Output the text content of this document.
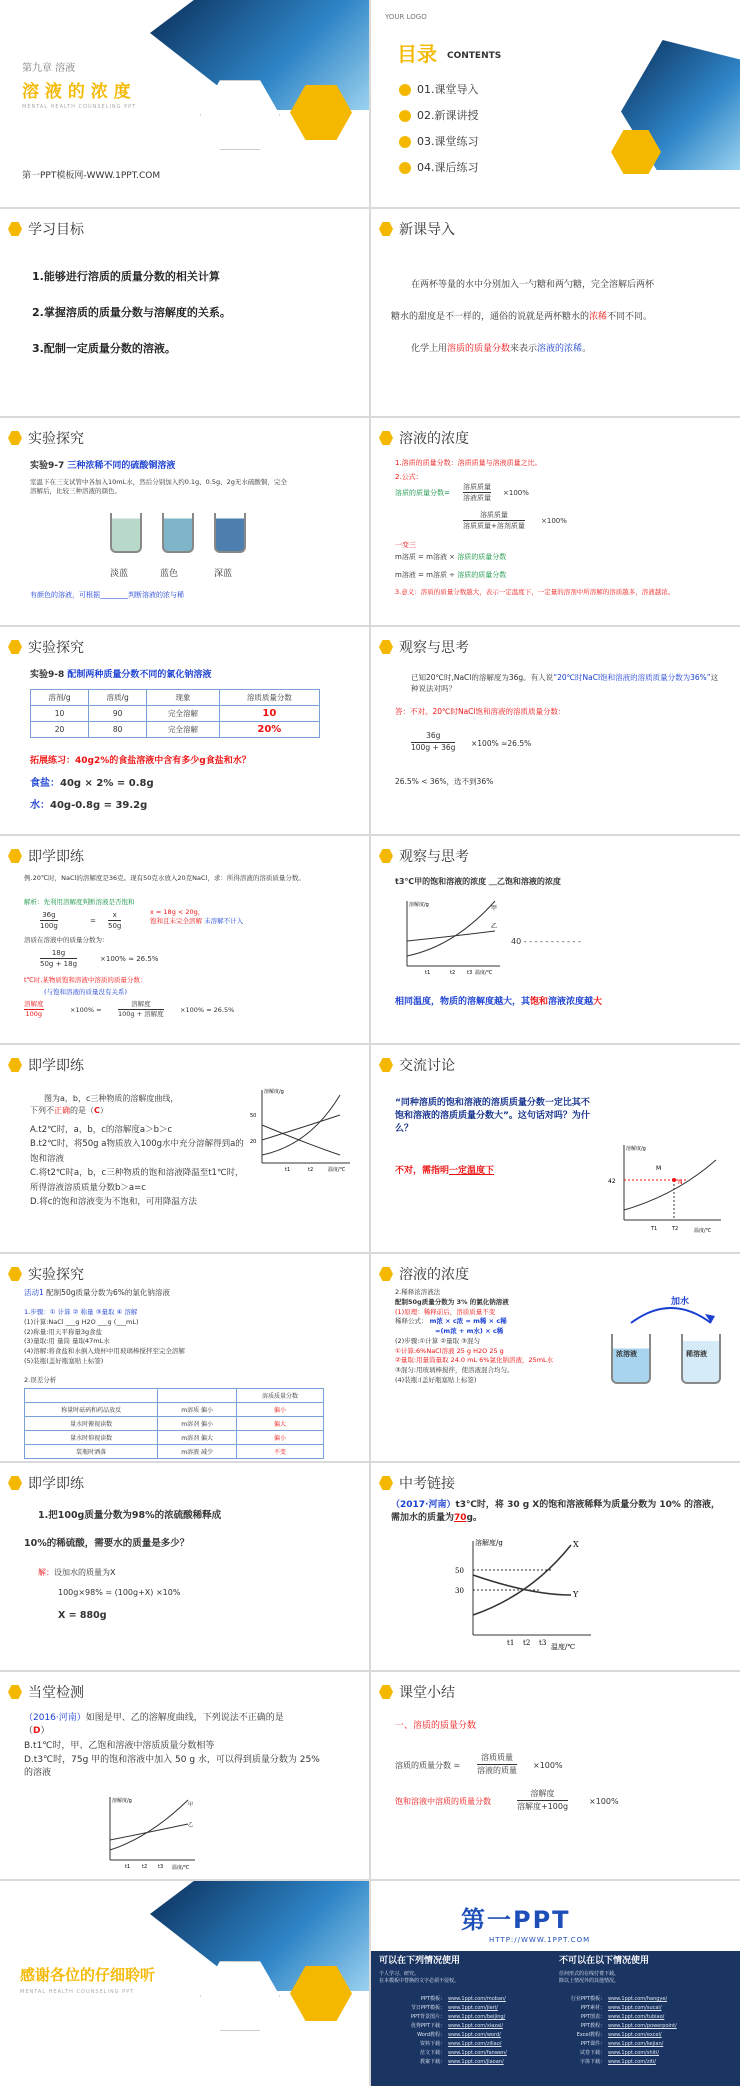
第九章 溶液
溶 液 的 浓 度
MENTAL HEALTH COUNSELING PPT
第一PPT模板网-WWW.1PPT.COM
YOUR LOGO
目录 CONTENTS
01.课堂导入
02.新课讲授
03.课堂练习
04.课后练习
学习目标
1.能够进行溶质的质量分数的相关计算
2.掌握溶质的质量分数与溶解度的关系。
3.配制一定质量分数的溶液。
新课导入
在两杯等量的水中分别加入一勺糖和两勺糖，完全溶解后两杯
糖水的甜度是不一样的，通俗的说就是两杯糖水的浓稀不同不同。
化学上用溶质的质量分数来表示溶液的浓稀。
实验探究
实验9-7 三种浓稀不同的硫酸铜溶液
室温下在三支试管中各加入10mL水，然后分别加入约0.1g、0.5g、2g无水硫酸铜，完全溶解后，比较三种溶液的颜色。
淡蓝	蓝色	深蓝
有颜色的溶液，可根据________判断溶液的浓与稀
溶液的浓度
1.溶质的质量分数：溶质质量与溶液质量之比。
2.公式：
溶质的质量分数=
溶质质量
溶液质量
×100%
溶质质量
溶质质量+溶剂质量
×100%
一变三
m溶质 = m溶液 × 溶质的质量分数
m溶液 = m溶质 ÷ 溶质的质量分数
3.意义：溶质的质量分数越大，表示一定温度下，一定量的溶剂中所溶解的溶质越多，溶液越浓。
实验探究
实验9-8 配制两种质量分数不同的氯化钠溶液
溶剂/g	溶质/g	现象	溶质质量分数
10	90	完全溶解	10
20	80	完全溶解	20%
拓展练习：40g2%的食盐溶液中含有多少g食盐和水？
食盐：40g × 2% = 0.8g
水：40g-0.8g = 39.2g
观察与思考
已知20℃时,NaCl的溶解度为36g。有人说“20℃时NaCl饱和溶液的溶质质量分数为36%”这种说法对吗？
答：不对。20℃时NaCl饱和溶液的溶质质量分数：
36g
100g + 36g ×100% ≈26.5%
26.5% < 36%，选不到36%
即学即练
例.20℃时，NaCl的溶解度是36克。现有50克水放入20克NaCl，求：所得溶液的溶质质量分数。
解析：先利用溶解度判断溶液是否饱和
36g
100g
=
x
50g
x = 18g < 20g，
饱和且未完全溶解 未溶解不计入
溶质在溶液中的质量分数为：
18g
50g + 18g
×100% ≈ 26.5%
t℃时,某物质饱和溶液中溶质的质量分数：
(与饱和溶液的质量没有关系)
溶解度
100g
×100% =
溶解度
100g + 溶解度
×100% ≈ 26.5%
观察与思考
t3℃甲的饱和溶液的浓度 ＿乙饱和溶液的浓度
溶解度/g
温度/℃
甲
乙
t1	t2 t3
40 - - - - - - - - - - -
相同温度，物质的溶解度越大，其饱和溶液浓度越大
即学即练
图为a，b，c三种物质的溶解度曲线，
下列不正确的是（C）
A.t2℃时，a，b，c的溶解度a＞b＞c
B.t2℃时，将50g a物质放入100g水中充分溶解得到a的饱和溶液
C.将t2℃时a，b，c三种物质的饱和溶液降温至t1℃时，所得溶液溶质质量分数b＞a=c
D.将c的饱和溶液变为不饱和，可用降温方法
50
20
溶解度/g
温度/℃
t1	t2
交流讨论
“同种溶质的饱和溶液的溶质质量分数一定比其不饱和溶液的溶质质量分数大”。这句话对吗？为什么？
不对，需指明一定温度下
42
M
N
溶解度/g
温度/℃
T1	T2
实验探究
活动1 配制50g质量分数为6%的氯化钠溶液
1.步骤：① 计算 ② 称量 ③量取 ④ 溶解
(1)计算:NaCl ___g H2O ___g (___mL)
(2)称量:用天平称量3g食盐
(3)量取:用 量筒 量取47mL水
(4)溶解:将食盐和水倒入烧杯中用玻璃棒搅拌至完全溶解
(5)装瓶(盖好瓶塞贴上标签)
2.误差分析
		溶质质量分数
称量时砝码和药品放反	m溶质 偏小	偏小
量水时俯视读数	m溶剂 偏小	偏大
量水时仰视读数	m溶剂 偏大	偏小
装瓶时洒落	m溶液 减少	不变
溶液的浓度
2.稀释浓溶液法
配制50g质量分数为 3% 的氯化钠溶液
(1)原理：稀释前后，溶质质量不变
稀释公式： m浓 × c浓 = m稀 × c稀
=(m浓 + m水) × c稀
(2)步骤:①计算 ②量取 ③混匀
①计算:6%NaCl溶液 25 g H2O 25 g
②量取:用量筒量取 24.0 mL 6%氯化钠溶液，25mL水
③混匀:用玻璃棒搅拌，使溶液混合均匀。
(4)装瓶:(盖好瓶塞贴上标签)
加水
浓溶液	稀溶液
即学即练
1.把100g质量分数为98%的浓硫酸稀释成
10%的稀硫酸，需要水的质量是多少？
解：设加水的质量为X
100g×98% = (100g+X) ×10%
X = 880g
中考链接
（2017·河南）t3℃时，将 30 g X的饱和溶液稀释为质量分数为 10% 的溶液，需加水的质量为70g。
50
30
溶解度/g
温度/℃
t1 t2 t3
X
Y
当堂检测
（2016·河南）如图是甲、乙的溶解度曲线，下列说法不正确的是（D）
B.t1℃时，甲、乙饱和溶液中溶质质量分数相等
D.t3℃时，75g 甲的饱和溶液中加入 50 g 水，可以得到质量分数为 25%的溶液
溶解度/g
温度/℃
甲
乙
t1 t2 t3
课堂小结
一、溶质的质量分数
溶质的质量分数 =
溶质质量
溶液的质量
×100%
饱和溶液中溶质的质量分数
溶解度
溶解度+100g
×100%
感谢各位的仔细聆听
MENTAL HEALTH COUNSELING PPT
第一PPT
HTTP://WWW.1PPT.COM
可以在下列情况使用	不可以在以下情况使用
个人学习、研究。
在本模板中替换的文字必须不侵权。
任何形式的在线付费下载。
除以上情况外的其他情况。
PPT模板： www.1ppt.com/moban/
节日PPT模板： www.1ppt.com/jieri/
PPT背景图片： www.1ppt.com/beijing/
优秀PPT下载： www.1ppt.com/xiazai/
Word教程： www.1ppt.com/word/
资料下载： www.1ppt.com/ziliao/
范文下载： www.1ppt.com/fanwen/
教案下载： www.1ppt.com/jiaoan/
行业PPT模板： www.1ppt.com/hangye/
PPT素材： www.1ppt.com/sucai/
PPT图表： www.1ppt.com/tubiao/
PPT教程： www.1ppt.com/powerpoint/
Excel教程： www.1ppt.com/excel/
PPT课件： www.1ppt.com/kejian/
试卷下载： www.1ppt.com/shiti/
字体下载： www.1ppt.com/ziti/
